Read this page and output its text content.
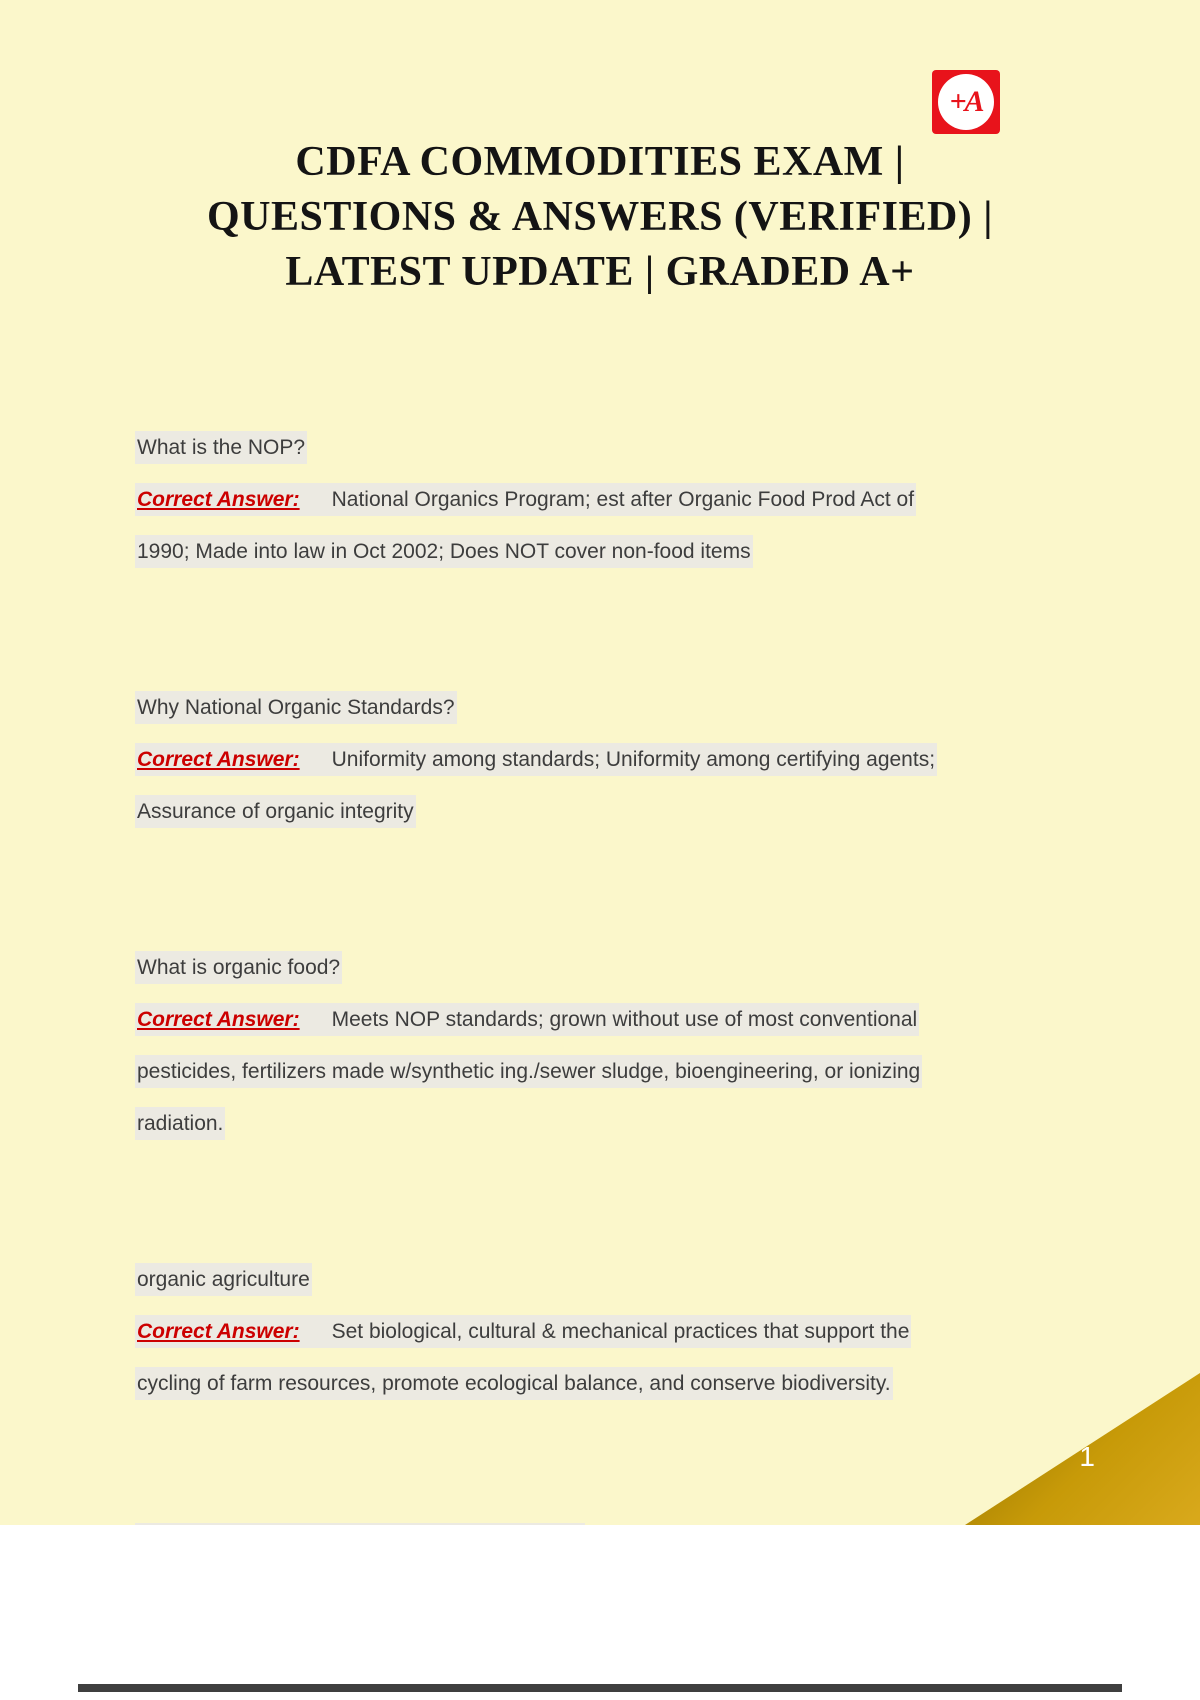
+A
CDFA COMMODITIES EXAM |
QUESTIONS & ANSWERS (VERIFIED) |
LATEST UPDATE | GRADED A+

What is the NOP?

Correct Answer: National Organics Program; est after Organic Food Prod Act of 1990; Made into law in Oct 2002; Does NOT cover non-food items

Why National Organic Standards?

Correct Answer: Uniformity among standards; Uniformity among certifying agents; Assurance of organic integrity

What is organic food?

Correct Answer: Meets NOP standards; grown without use of most conventional pesticides, fertilizers made w/synthetic ing./sewer sludge, bioengineering, or ionizing radiation.

organic agriculture

Correct Answer: Set biological, cultural & mechanical practices that support the cycling of farm resources, promote ecological balance, and conserve biodiversity.

1
